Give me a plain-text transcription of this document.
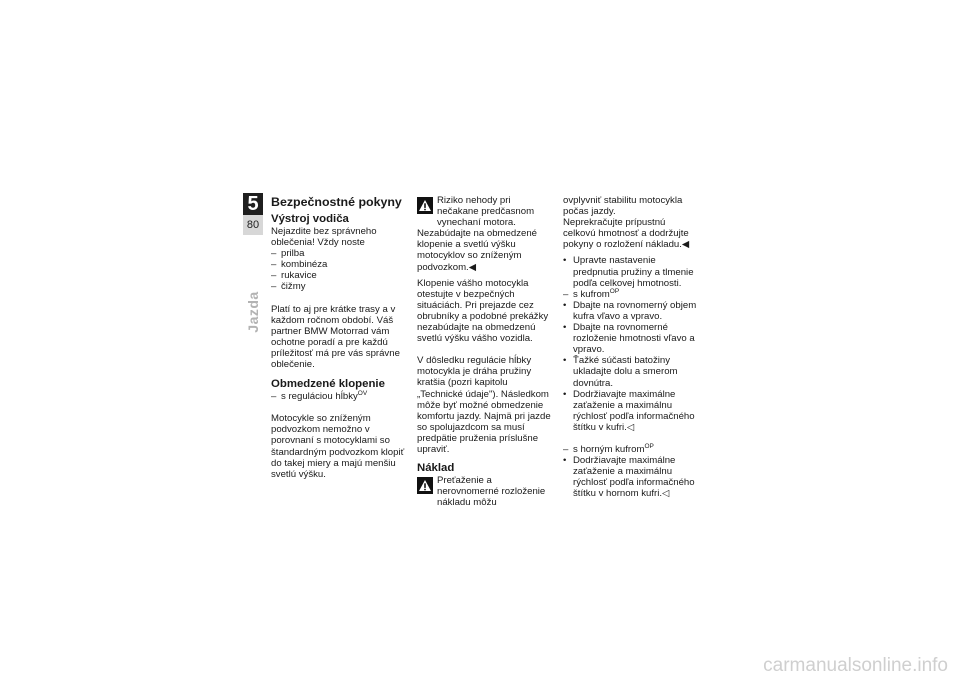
5
80
Jazda
Bezpečnostné pokyny
Výstroj vodiča

Nejazdite bez správneho oblečenia! Vždy noste

– prilba
– kombinéza
– rukavice
– čižmy

Platí to aj pre krátke trasy a v každom ročnom období. Váš partner BMW Motorrad vám ochotne poradí a pre každú príležitosť má pre vás správne oblečenie.

Obmedzené klopenie
– s reguláciou hĺbky$^{OV}$

Motocykle so zníženým podvozkom nemožno v porovnaní s motocyklami so štandardným podvozkom klopiť do takej miery a majú menšiu svetlú výšku.

Riziko nehody pri nečakane predčasnom vynechaní motora.

Nezabúdajte na obmedzené klopenie a svetlú výšku motocyklov so zníženým podvozkom.◀

Klopenie vášho motocykla otestujte v bezpečných situáciách. Pri prejazde cez obrubníky a podobné prekážky nezabúdajte na obmedzenú svetlú výšku vášho vozidla.

V dôsledku regulácie hĺbky motocykla je dráha pružiny kratšia (pozri kapitolu „Technické údaje"). Následkom môže byť možné obmedzenie komfortu jazdy. Najmä pri jazde so spolujazdcom sa musí predpätie pruženia príslušne upraviť.

Náklad
Preťaženie a nerovnomerné rozloženie nákladu môžu

ovplyvniť stabilitu motocykla počas jazdy.

Neprekračujte prípustnú celkovú hmotnosť a dodržujte pokyny o rozložení nákladu.◀

• Upravte nastavenie predpnutia pružiny a tlmenie podľa celkovej hmotnosti.
– s kufrom$^{OP}$
• Dbajte na rovnomerný objem kufra vľavo a vpravo.
• Dbajte na rovnomerné rozloženie hmotnosti vľavo a vpravo.
• Ťažké súčasti batožiny ukladajte dolu a smerom dovnútra.
• Dodržiavajte maximálne zaťaženie a maximálnu rýchlosť podľa informačného štítku v kufri.◁
– s horným kufrom$^{OP}$
• Dodržiavajte maximálne zaťaženie a maximálnu rýchlosť podľa informačného štítku v hornom kufri.◁
carmanualsonline.info
